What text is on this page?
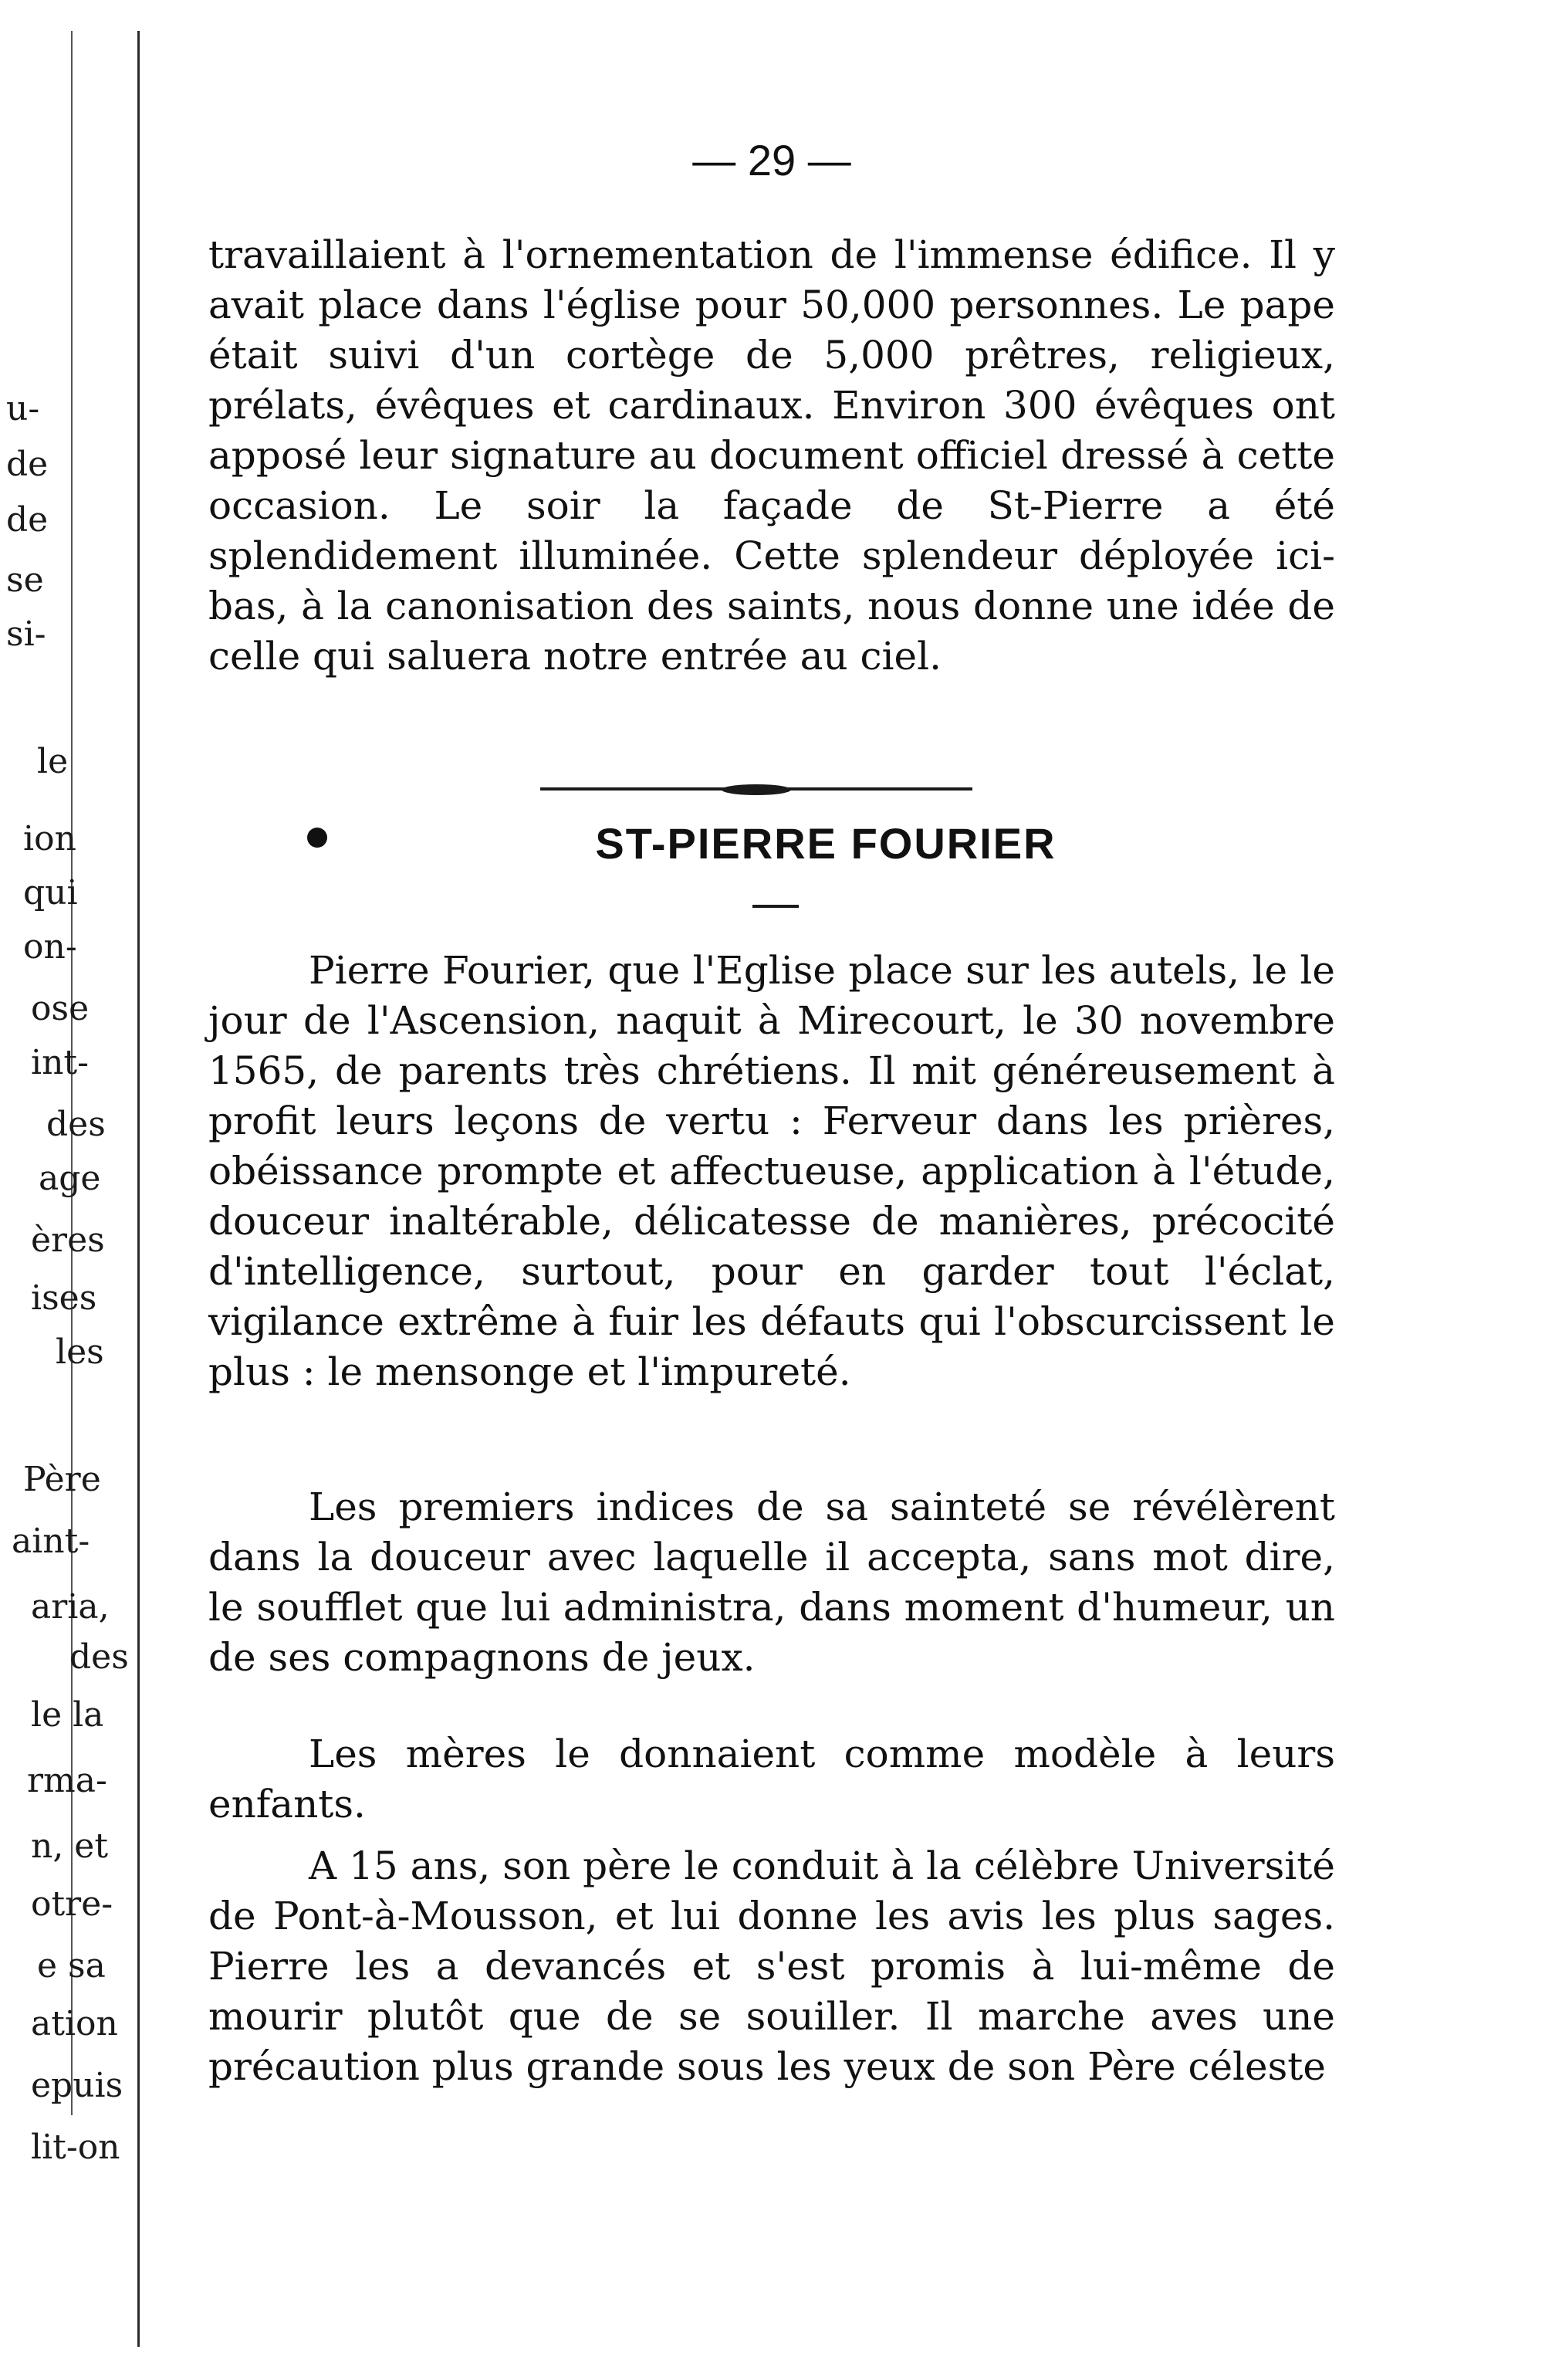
u-
de
de
se
si-
le
ion
qui
on-
ose
int-
des
age
ères
ises
les
Père
aint-
aria,
des
le la
rma-
n, et
otre-
e sa
ation
epuis
lit-on
— 29 —

travaillaient à l'ornementation de l'immense édifice. Il y avait place dans l'église pour 50,000 personnes. Le pape était suivi d'un cortège de 5,000 prêtres, religieux, prélats, évêques et cardinaux. Environ 300 évêques ont apposé leur signature au document officiel dressé à cette occasion. Le soir la façade de St-Pierre a été splendidement illuminée. Cette splendeur déployée ici-bas, à la canonisation des saints, nous donne une idée de celle qui saluera notre entrée au ciel.

ST-PIERRE FOURIER

Pierre Fourier, que l'Eglise place sur les autels, le le jour de l'Ascension, naquit à Mirecourt, le 30 novembre 1565, de parents très chrétiens. Il mit généreusement à profit leurs leçons de vertu : Ferveur dans les prières, obéissance prompte et affectueuse, application à l'étude, douceur inaltérable, délicatesse de manières, précocité d'intelligence, surtout, pour en garder tout l'éclat, vigilance extrême à fuir les défauts qui l'obscurcissent le plus : le mensonge et l'impureté.

Les premiers indices de sa sainteté se révélèrent dans la douceur avec laquelle il accepta, sans mot dire, le soufflet que lui administra, dans moment d'humeur, un de ses compagnons de jeux.

Les mères le donnaient comme modèle à leurs enfants.

A 15 ans, son père le conduit à la célèbre Université de Pont-à-Mousson, et lui donne les avis les plus sages. Pierre les a devancés et s'est promis à lui-même de mourir plutôt que de se souiller. Il marche aves une précaution plus grande sous les yeux de son Père céleste
